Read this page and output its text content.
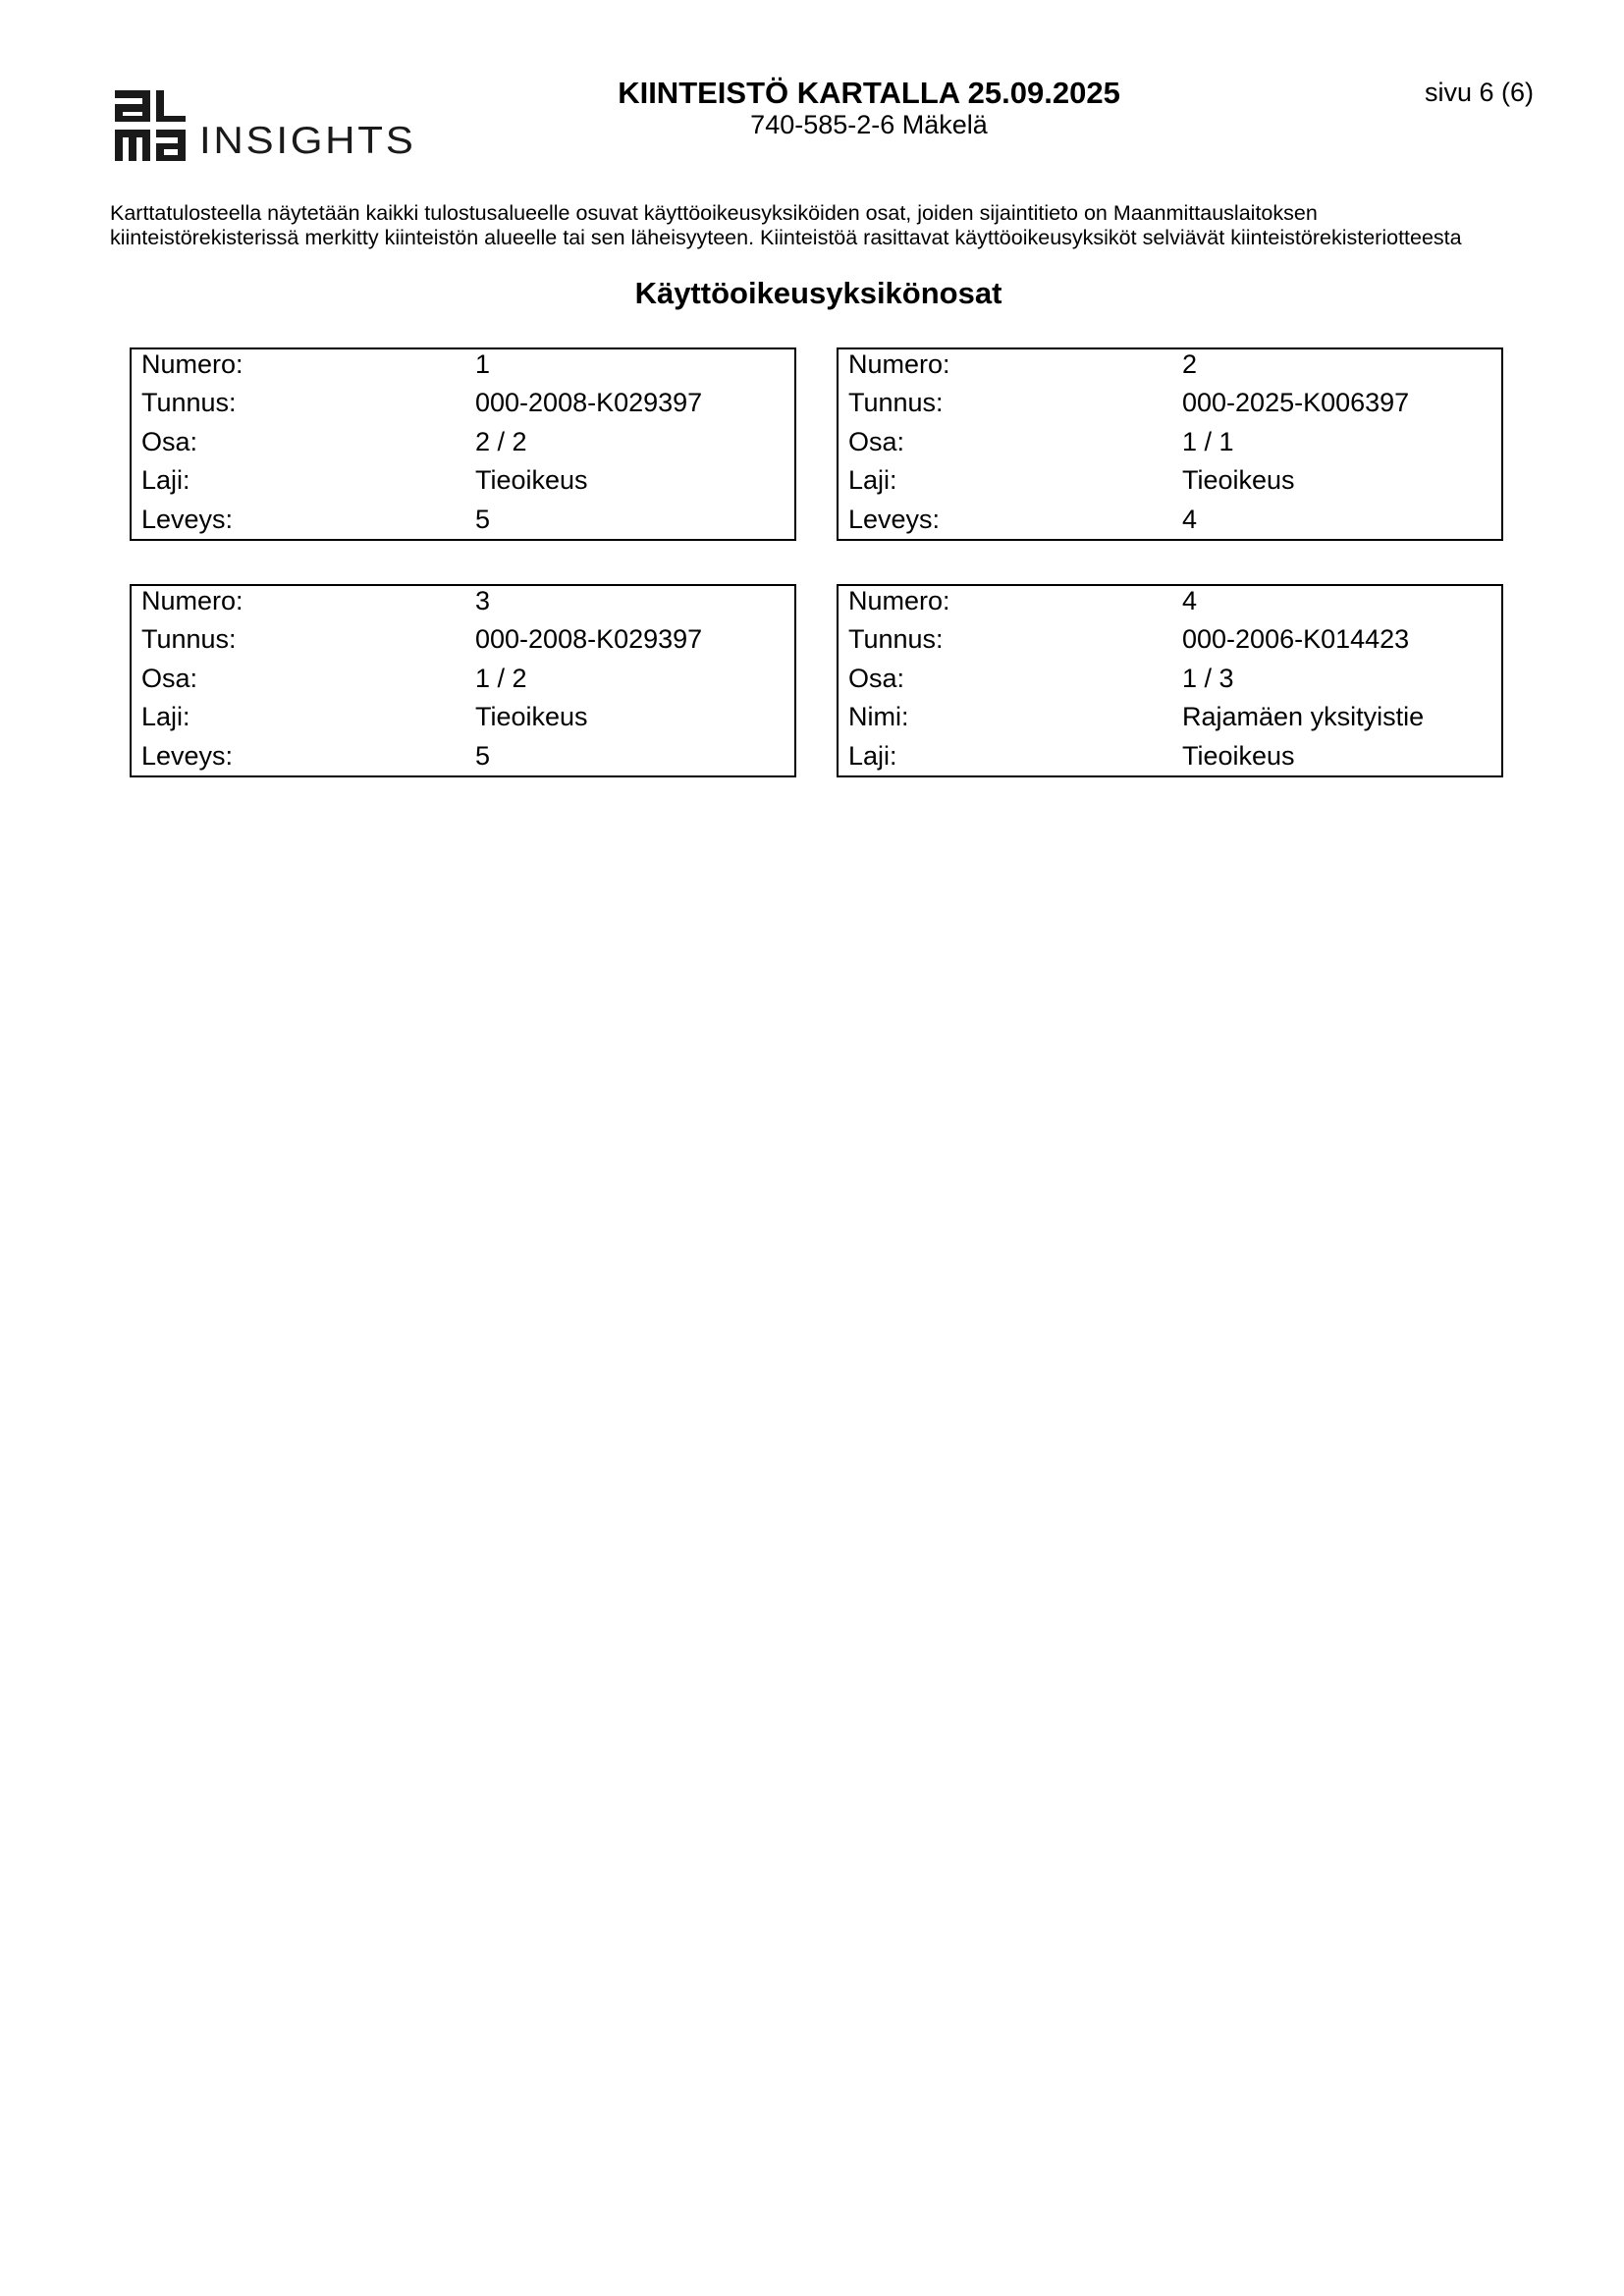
INSIGHTS
KIINTEISTÖ KARTALLA 25.09.2025
740-585-2-6 Mäkelä
sivu 6 (6)
Karttatulosteella näytetään kaikki tulostusalueelle osuvat käyttöoikeusyksiköiden osat, joiden sijaintitieto on Maanmittauslaitoksen
kiinteistörekisterissä merkitty kiinteistön alueelle tai sen läheisyyteen. Kiinteistöä rasittavat käyttöoikeusyksiköt selviävät kiinteistörekisteriotteesta
Käyttöoikeusyksikönosat
Numero:	1
Tunnus:	000-2008-K029397
Osa:	2 / 2
Laji:	Tieoikeus
Leveys:	5
Numero:	2
Tunnus:	000-2025-K006397
Osa:	1 / 1
Laji:	Tieoikeus
Leveys:	4
Numero:	3
Tunnus:	000-2008-K029397
Osa:	1 / 2
Laji:	Tieoikeus
Leveys:	5
Numero:	4
Tunnus:	000-2006-K014423
Osa:	1 / 3
Nimi:	Rajamäen yksityistie
Laji:	Tieoikeus
